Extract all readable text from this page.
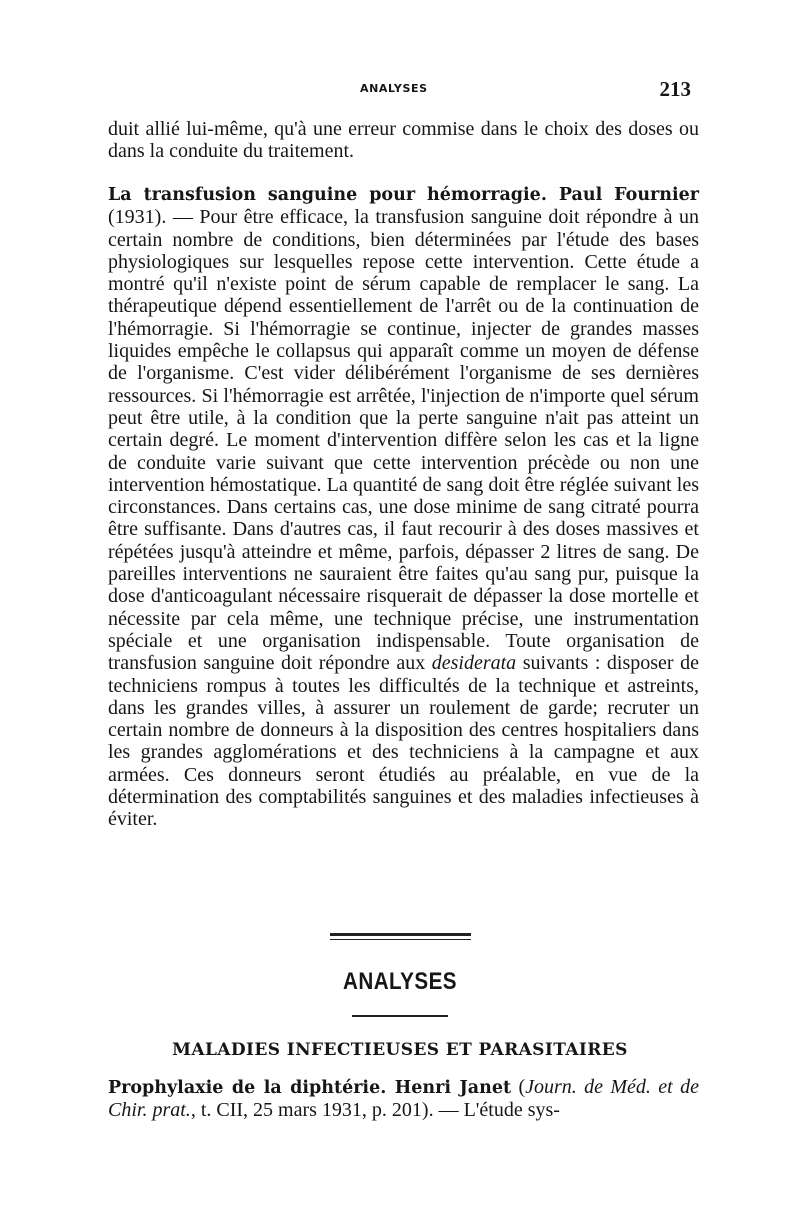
ANALYSES	213
duit allié lui-même, qu'à une erreur commise dans le choix des doses ou dans la conduite du traitement.
La transfusion sanguine pour hémorragie. Paul Fournier (1931). — Pour être efficace, la transfusion sanguine doit répondre à un certain nombre de conditions, bien déterminées par l'étude des bases physiologiques sur lesquelles repose cette intervention. Cette étude a montré qu'il n'existe point de sérum capable de remplacer le sang. La thérapeutique dépend essentiellement de l'arrêt ou de la continuation de l'hémorragie. Si l'hémorragie se continue, injecter de grandes masses liquides empêche le collapsus qui apparaît comme un moyen de défense de l'organisme. C'est vider délibérément l'organisme de ses dernières ressources. Si l'hémorragie est arrêtée, l'injection de n'importe quel sérum peut être utile, à la condition que la perte sanguine n'ait pas atteint un certain degré. Le moment d'intervention diffère selon les cas et la ligne de conduite varie suivant que cette intervention précède ou non une intervention hémostatique. La quantité de sang doit être réglée suivant les circonstances. Dans certains cas, une dose minime de sang citraté pourra être suffisante. Dans d'autres cas, il faut recourir à des doses massives et répétées jusqu'à atteindre et même, parfois, dépasser 2 litres de sang. De pareilles interventions ne sauraient être faites qu'au sang pur, puisque la dose d'anticoagulant nécessaire risquerait de dépasser la dose mortelle et nécessite par cela même, une technique précise, une instrumentation spéciale et une organisation indispensable. Toute organisation de transfusion sanguine doit répondre aux desiderata suivants : disposer de techniciens rompus à toutes les difficultés de la technique et astreints, dans les grandes villes, à assurer un roulement de garde; recruter un certain nombre de donneurs à la disposition des centres hospitaliers dans les grandes agglomérations et des techniciens à la campagne et aux armées. Ces donneurs seront étudiés au préalable, en vue de la détermination des comptabilités sanguines et des maladies infectieuses à éviter.
ANALYSES
MALADIES INFECTIEUSES ET PARASITAIRES
Prophylaxie de la diphtérie. Henri Janet (Journ. de Méd. et de Chir. prat., t. CII, 25 mars 1931, p. 201). — L'étude sys-
